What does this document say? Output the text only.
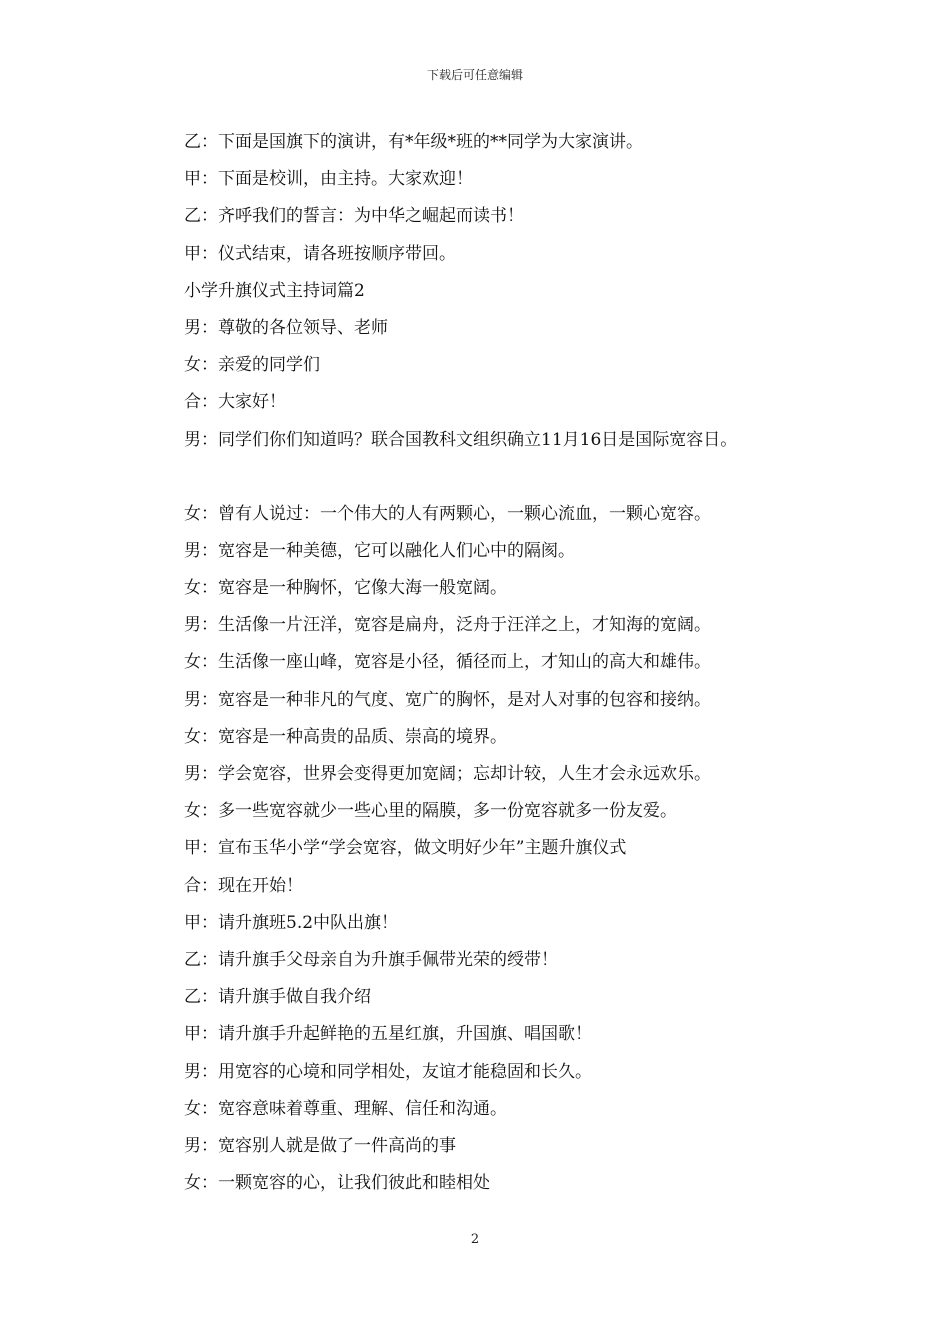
下载后可任意编辑
乙：下面是国旗下的演讲，有*年级*班的**同学为大家演讲。
甲：下面是校训，由主持。大家欢迎！
乙：齐呼我们的誓言：为中华之崛起而读书！
甲：仪式结束，请各班按顺序带回。
小学升旗仪式主持词篇2
男：尊敬的各位领导、老师
女：亲爱的同学们
合：大家好！
男：同学们你们知道吗？联合国教科文组织确立11月16日是国际宽容日。
女：曾有人说过：一个伟大的人有两颗心，一颗心流血，一颗心宽容。
男：宽容是一种美德，它可以融化人们心中的隔阂。
女：宽容是一种胸怀，它像大海一般宽阔。
男：生活像一片汪洋，宽容是扁舟，泛舟于汪洋之上，才知海的宽阔。
女：生活像一座山峰，宽容是小径，循径而上，才知山的高大和雄伟。
男：宽容是一种非凡的气度、宽广的胸怀，是对人对事的包容和接纳。
女：宽容是一种高贵的品质、崇高的境界。
男：学会宽容，世界会变得更加宽阔；忘却计较，人生才会永远欢乐。
女：多一些宽容就少一些心里的隔膜，多一份宽容就多一份友爱。
甲：宣布玉华小学“学会宽容，做文明好少年”主题升旗仪式
合：现在开始！
甲：请升旗班5.2中队出旗！
乙：请升旗手父母亲自为升旗手佩带光荣的绶带！
乙：请升旗手做自我介绍
甲：请升旗手升起鲜艳的五星红旗，升国旗、唱国歌！
男：用宽容的心境和同学相处，友谊才能稳固和长久。
女：宽容意味着尊重、理解、信任和沟通。
男：宽容别人就是做了一件高尚的事
女：一颗宽容的心，让我们彼此和睦相处
2
